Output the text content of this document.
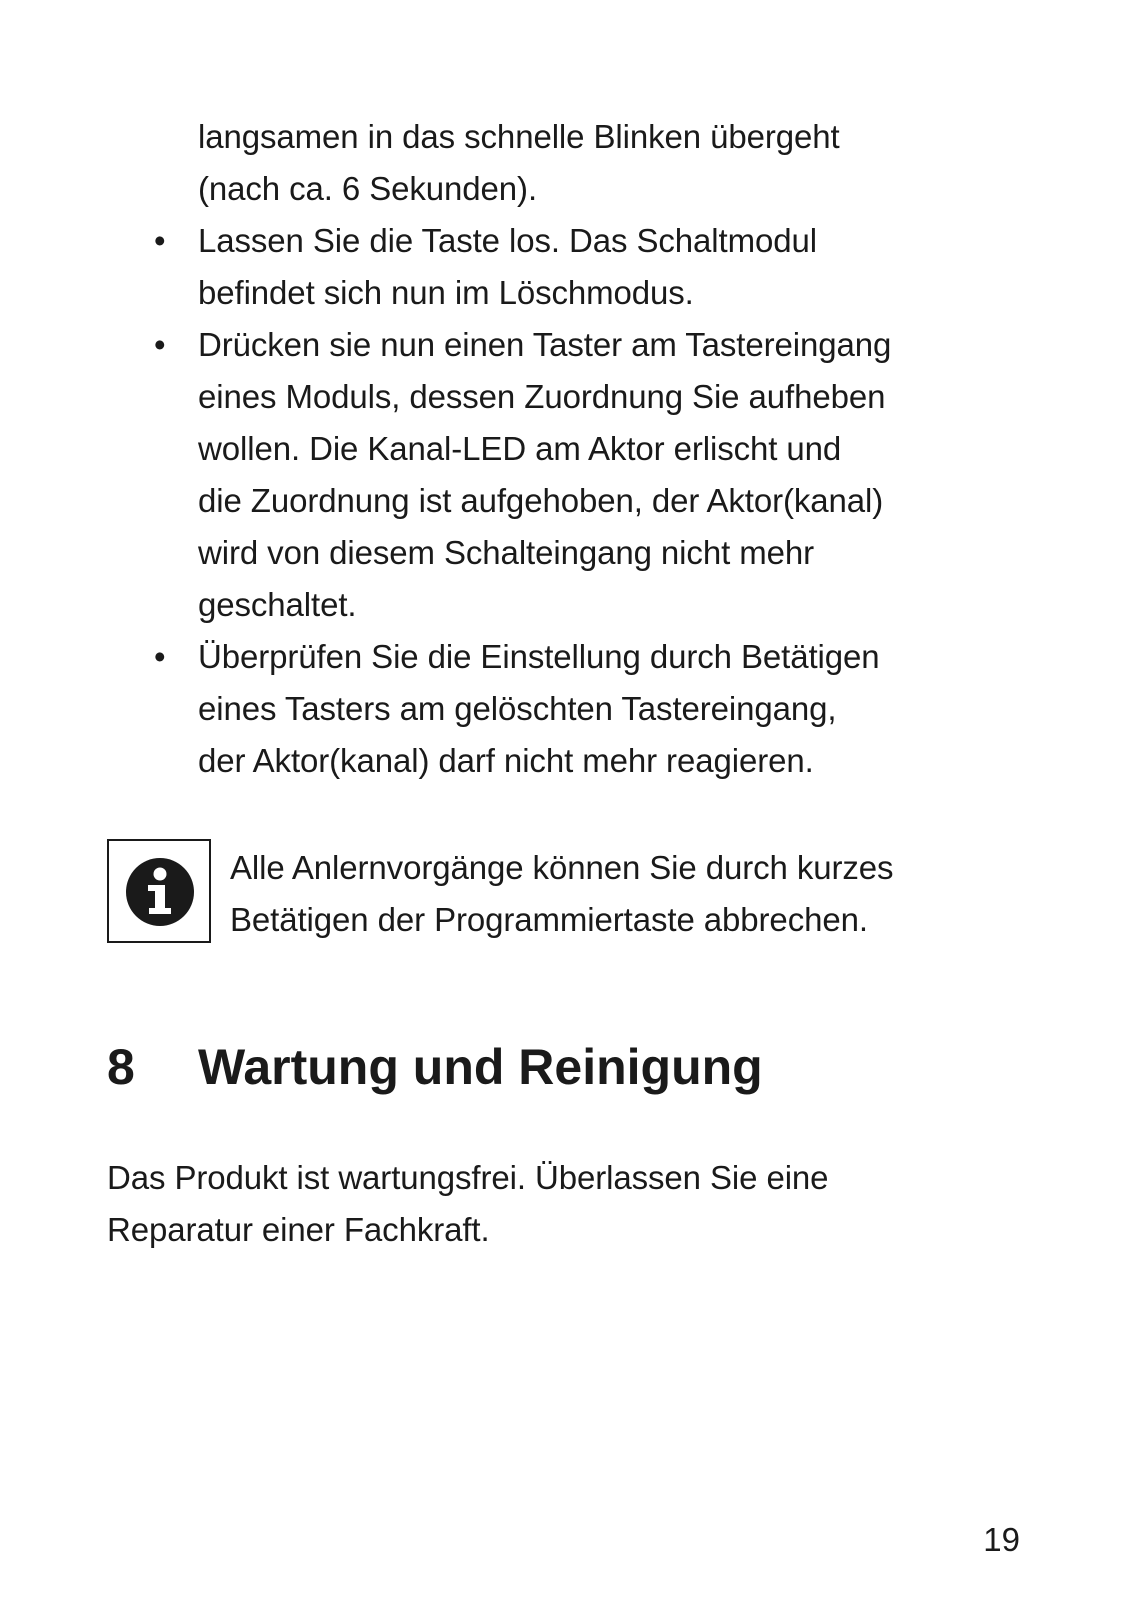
langsamen in das schnelle Blinken übergeht
(nach ca. 6 Sekunden).
• Lassen Sie die Taste los. Das Schaltmodul
befindet sich nun im Löschmodus.
• Drücken sie nun einen Taster am Tastereingang
eines Moduls, dessen Zuordnung Sie aufheben
wollen. Die Kanal-LED am Aktor erlischt und
die Zuordnung ist aufgehoben, der Aktor(kanal)
wird von diesem Schalteingang nicht mehr
geschaltet.
• Überprüfen Sie die Einstellung durch Betätigen
eines Tasters am gelöschten Tastereingang,
der Aktor(kanal) darf nicht mehr reagieren.
Alle Anlernvorgänge können Sie durch kurzes
Betätigen der Programmiertaste abbrechen.
8 Wartung und Reinigung
Das Produkt ist wartungsfrei. Überlassen Sie eine
Reparatur einer Fachkraft.
19
